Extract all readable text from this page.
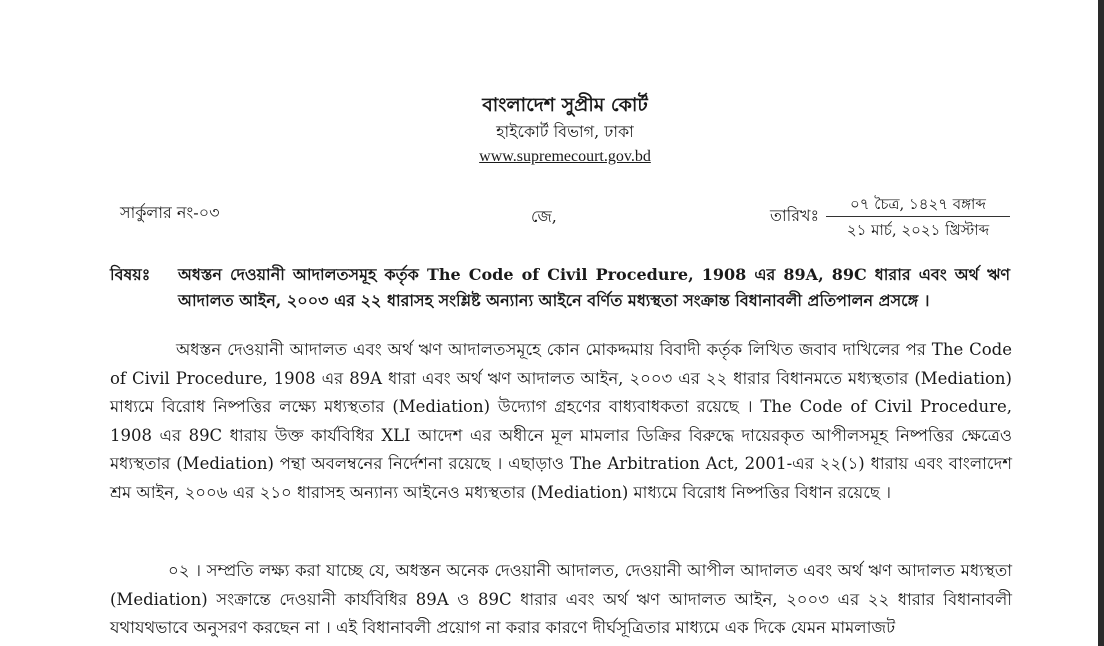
বাংলাদেশ সুপ্রীম কোর্ট
হাইকোর্ট বিভাগ, ঢাকা
www.supremecourt.gov.bd
সার্কুলার নং-০৩	জে,	তারিখঃ
০৭ চৈত্র, ১৪২৭ বঙ্গাব্দ
২১ মার্চ, ২০২১ খ্রিস্টাব্দ
বিষয়ঃ অধস্তন দেওয়ানী আদালতসমূহ কর্তৃক The Code of Civil Procedure, 1908 এর 89A, 89C ধারার এবং অর্থ ঋণ আদালত আইন, ২০০৩ এর ২২ ধারাসহ সংশ্লিষ্ট অন্যান্য আইনে বর্ণিত মধ্যস্থতা সংক্রান্ত বিধানাবলী প্রতিপালন প্রসঙ্গে ।
অধস্তন দেওয়ানী আদালত এবং অর্থ ঋণ আদালতসমূহে কোন মোকদ্দমায় বিবাদী কর্তৃক লিখিত জবাব দাখিলের পর The Code of Civil Procedure, 1908 এর 89A ধারা এবং অর্থ ঋণ আদালত আইন, ২০০৩ এর ২২ ধারার বিধানমতে মধ্যস্থতার (Mediation) মাধ্যমে বিরোধ নিষ্পত্তির লক্ষ্যে মধ্যস্থতার (Mediation) উদ্যোগ গ্রহণের বাধ্যবাধকতা রয়েছে । The Code of Civil Procedure, 1908 এর 89C ধারায় উক্ত কার্যবিধির XLI আদেশ এর অধীনে মূল মামলার ডিক্রির বিরুদ্ধে দায়েরকৃত আপীলসমূহ নিষ্পত্তির ক্ষেত্রেও মধ্যস্থতার (Mediation) পন্থা অবলম্বনের নির্দেশনা রয়েছে । এছাড়াও The Arbitration Act, 2001-এর ২২(১) ধারায় এবং বাংলাদেশ শ্রম আইন, ২০০৬ এর ২১০ ধারাসহ অন্যান্য আইনেও মধ্যস্থতার (Mediation) মাধ্যমে বিরোধ নিষ্পত্তির বিধান রয়েছে ।
০২ । সম্প্রতি লক্ষ্য করা যাচ্ছে যে, অধস্তন অনেক দেওয়ানী আদালত, দেওয়ানী আপীল আদালত এবং অর্থ ঋণ আদালত মধ্যস্থতা (Mediation) সংক্রান্তে দেওয়ানী কার্যবিধির 89A ও 89C ধারার এবং অর্থ ঋণ আদালত আইন, ২০০৩ এর ২২ ধারার বিধানাবলী যথাযথভাবে অনুসরণ করছেন না । এই বিধানাবলী প্রয়োগ না করার কারণে দীর্ঘসূত্রিতার মাধ্যমে এক দিকে যেমন মামলাজট
